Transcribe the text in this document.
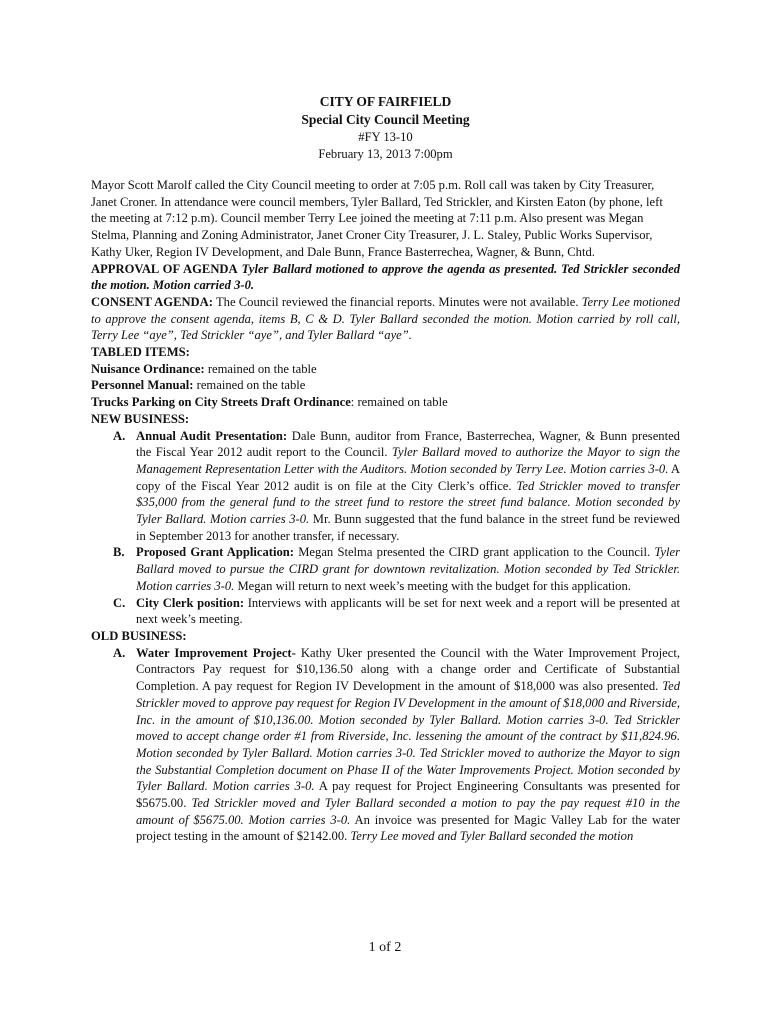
CITY OF FAIRFIELD
Special City Council Meeting
#FY 13-10
February 13, 2013 7:00pm
Mayor Scott Marolf called the City Council meeting to order at 7:05 p.m. Roll call was taken by City Treasurer, Janet Croner. In attendance were council members, Tyler Ballard, Ted Strickler, and Kirsten Eaton (by phone, left the meeting at 7:12 p.m). Council member Terry Lee joined the meeting at 7:11 p.m. Also present was Megan Stelma, Planning and Zoning Administrator, Janet Croner City Treasurer, J. L. Staley, Public Works Supervisor, Kathy Uker, Region IV Development, and Dale Bunn, France Basterrechea, Wagner, & Bunn, Chtd.
APPROVAL OF AGENDA Tyler Ballard motioned to approve the agenda as presented. Ted Strickler seconded the motion. Motion carried 3-0.
CONSENT AGENDA: The Council reviewed the financial reports. Minutes were not available. Terry Lee motioned to approve the consent agenda, items B, C & D. Tyler Ballard seconded the motion. Motion carried by roll call, Terry Lee “aye”, Ted Strickler “aye”, and Tyler Ballard “aye”.
TABLED ITEMS:
Nuisance Ordinance: remained on the table
Personnel Manual: remained on the table
Trucks Parking on City Streets Draft Ordinance: remained on table
NEW BUSINESS:
A. Annual Audit Presentation: Dale Bunn, auditor from France, Basterrechea, Wagner, & Bunn presented the Fiscal Year 2012 audit report to the Council. Tyler Ballard moved to authorize the Mayor to sign the Management Representation Letter with the Auditors. Motion seconded by Terry Lee. Motion carries 3-0. A copy of the Fiscal Year 2012 audit is on file at the City Clerk’s office. Ted Strickler moved to transfer $35,000 from the general fund to the street fund to restore the street fund balance. Motion seconded by Tyler Ballard. Motion carries 3-0. Mr. Bunn suggested that the fund balance in the street fund be reviewed in September 2013 for another transfer, if necessary.
B. Proposed Grant Application: Megan Stelma presented the CIRD grant application to the Council. Tyler Ballard moved to pursue the CIRD grant for downtown revitalization. Motion seconded by Ted Strickler. Motion carries 3-0. Megan will return to next week’s meeting with the budget for this application.
C. City Clerk position: Interviews with applicants will be set for next week and a report will be presented at next week’s meeting.
OLD BUSINESS:
A. Water Improvement Project- Kathy Uker presented the Council with the Water Improvement Project, Contractors Pay request for $10,136.50 along with a change order and Certificate of Substantial Completion. A pay request for Region IV Development in the amount of $18,000 was also presented. Ted Strickler moved to approve pay request for Region IV Development in the amount of $18,000 and Riverside, Inc. in the amount of $10,136.00. Motion seconded by Tyler Ballard. Motion carries 3-0. Ted Strickler moved to accept change order #1 from Riverside, Inc. lessening the amount of the contract by $11,824.96. Motion seconded by Tyler Ballard. Motion carries 3-0. Ted Strickler moved to authorize the Mayor to sign the Substantial Completion document on Phase II of the Water Improvements Project. Motion seconded by Tyler Ballard. Motion carries 3-0. A pay request for Project Engineering Consultants was presented for $5675.00. Ted Strickler moved and Tyler Ballard seconded a motion to pay the pay request #10 in the amount of $5675.00. Motion carries 3-0. An invoice was presented for Magic Valley Lab for the water project testing in the amount of $2142.00. Terry Lee moved and Tyler Ballard seconded the motion
1 of 2
